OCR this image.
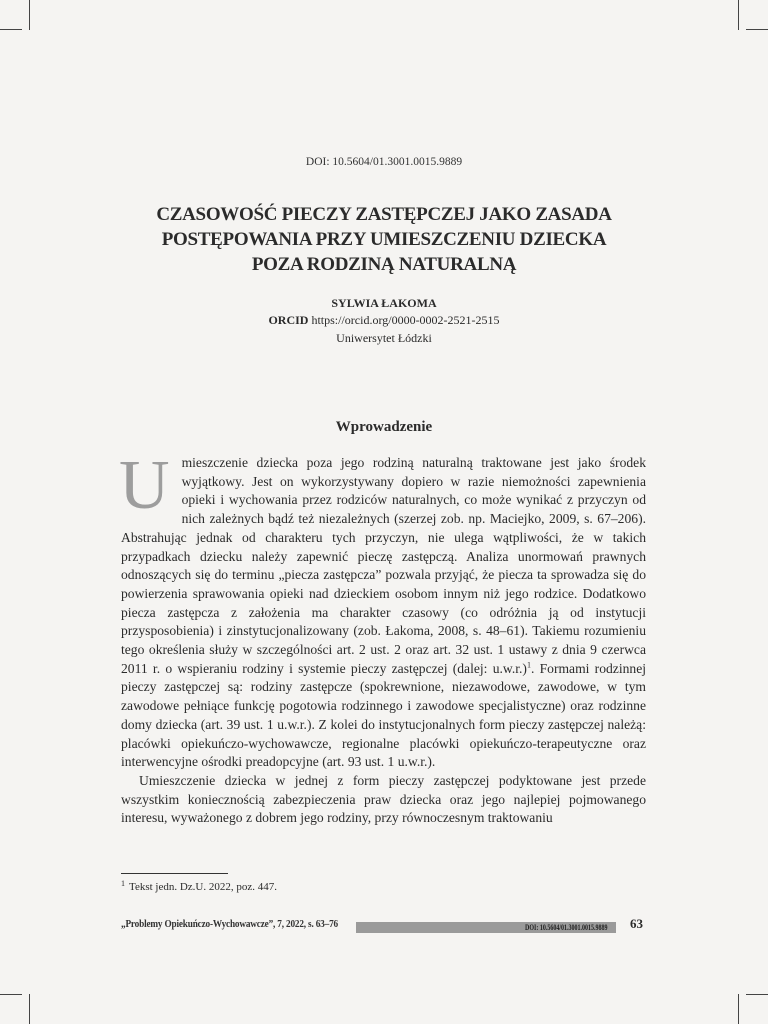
DOI: 10.5604/01.3001.0015.9889
CZASOWOŚĆ PIECZY ZASTĘPCZEJ JAKO ZASADA
POSTĘPOWANIA PRZY UMIESZCZENIU DZIECKA
POZA RODZINĄ NATURALNĄ
SYLWIA ŁAKOMA
ORCID https://orcid.org/0000-0002-2521-2515
Uniwersytet Łódzki
Wprowadzenie

Umieszczenie dziecka poza jego rodziną naturalną traktowane jest jako środek wyjątkowy. Jest on wykorzystywany dopiero w razie niemożności zapewnienia opieki i wychowania przez rodziców naturalnych, co może wynikać z przyczyn od nich zależnych bądź też niezależnych (szerzej zob. np. Maciejko, 2009, s. 67–206). Abstrahując jednak od charakteru tych przyczyn, nie ulega wątpliwości, że w takich przypadkach dziecku należy zapewnić pieczę zastępczą. Analiza unormowań prawnych odnoszących się do terminu „piecza zastępcza” pozwala przyjąć, że piecza ta sprowadza się do powierzenia sprawowania opieki nad dzieckiem osobom innym niż jego rodzice. Dodatkowo piecza zastępcza z założenia ma charakter czasowy (co odróżnia ją od instytucji przysposobienia) i zinstytucjonalizowany (zob. Łakoma, 2008, s. 48–61). Takiemu rozumieniu tego określenia służy w szczególności art. 2 ust. 2 oraz art. 32 ust. 1 ustawy z dnia 9 czerwca 2011 r. o wspieraniu rodziny i systemie pieczy zastępczej (dalej: u.w.r.)$^1$. Formami rodzinnej pieczy zastępczej są: rodziny zastępcze (spokrewnione, niezawodowe, zawodowe, w tym zawodowe pełniące funkcję pogotowia rodzinnego i zawodowe specjalistyczne) oraz rodzinne domy dziecka (art. 39 ust. 1 u.w.r.). Z kolei do instytucjonalnych form pieczy zastępczej należą: placówki opiekuńczo-wychowawcze, regionalne placówki opiekuńczo-terapeutyczne oraz interwencyjne ośrodki preadopcyjne (art. 93 ust. 1 u.w.r.).

Umieszczenie dziecka w jednej z form pieczy zastępczej podyktowane jest przede wszystkim koniecznością zabezpieczenia praw dziecka oraz jego najlepiej pojmowanego interesu, wyważonego z dobrem jego rodziny, przy równoczesnym traktowaniu

$^1$ Tekst jedn. Dz.U. 2022, poz. 447.
„Problemy Opiekuńczo-Wychowawcze”, 7, 2022, s. 63–76	DOI: 10.5604/01.3001.0015.9889 63
